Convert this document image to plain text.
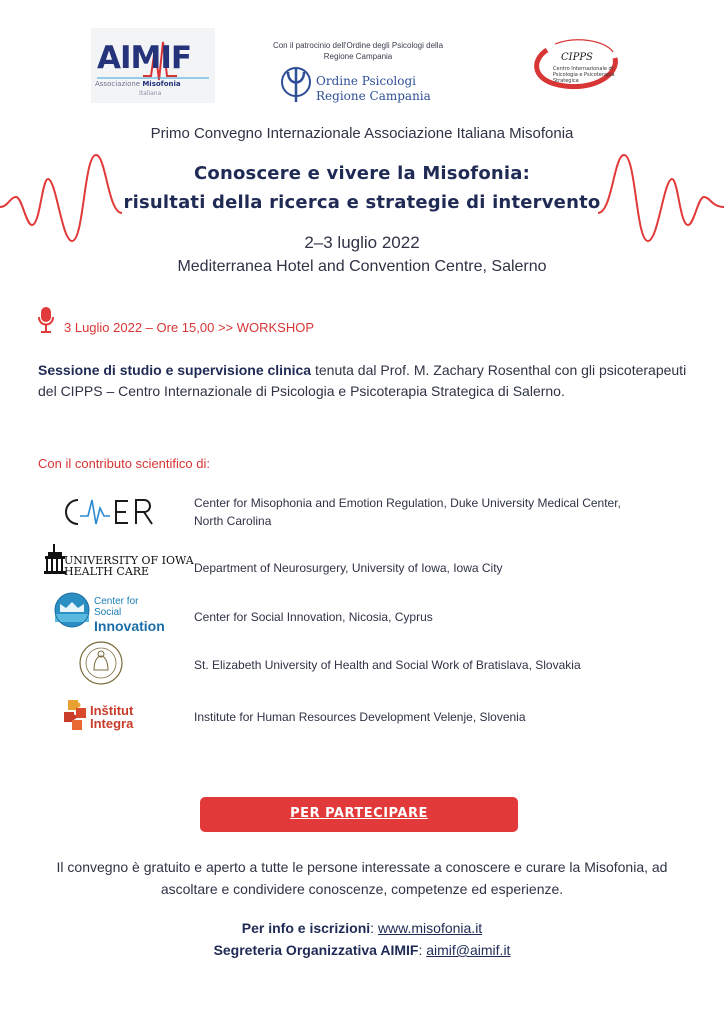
AIMIF
Associazione Misofonia
Italiana
Con il patrocinio dell'Ordine degli Psicologi della Regione Campania
Ordine Psicologi
Regione Campania
CIPPS
Centro Internazionale di
Psicologia e Psicoterapia Strategica
Primo Convegno Internazionale Associazione Italiana Misofonia
Conoscere e vivere la Misofonia:
risultati della ricerca e strategie di intervento
2–3 luglio 2022
Mediterranea Hotel and Convention Centre, Salerno
3 Luglio 2022 – Ore 15,00 >> WORKSHOP
Sessione di studio e supervisione clinica tenuta dal Prof. M. Zachary Rosenthal con gli psicoterapeuti del CIPPS – Centro Internazionale di Psicologia e Psicoterapia Strategica di Salerno.
Con il contributo scientifico di:
Center for Misophonia and Emotion Regulation, Duke University Medical Center, North Carolina
UNIVERSITY OF IOWA
HEALTH CARE	Department of Neurosurgery, University of Iowa, Iowa City
Center for Social
Innovation
Center for Social Innovation, Nicosia, Cyprus
St. Elizabeth University of Health and Social Work of Bratislava, Slovakia
Inštitut
Integra	Institute for Human Resources Development Velenje, Slovenia
PER PARTECIPARE
Il convegno è gratuito e aperto a tutte le persone interessate a conoscere e curare la Misofonia, ad ascoltare e condividere conoscenze, competenze ed esperienze.
Per info e iscrizioni: www.misofonia.it
Segreteria Organizzativa AIMIF: aimif@aimif.it
